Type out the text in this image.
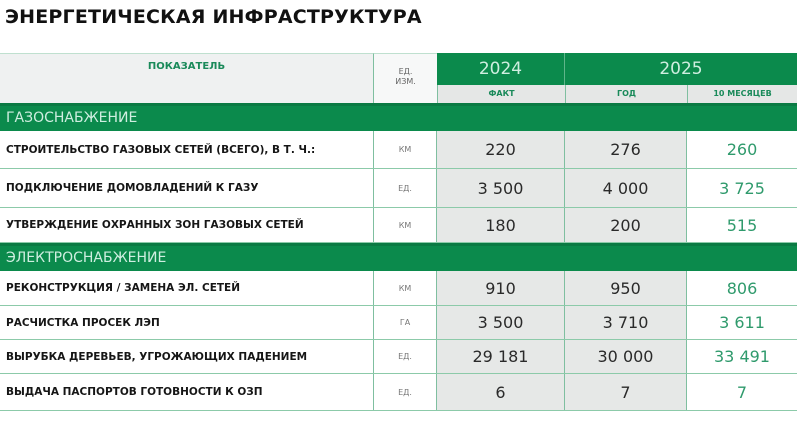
ЭНЕРГЕТИЧЕСКАЯ ИНФРАСТРУКТУРА
ПОКАЗАТЕЛЬ	ЕД.
ИЗМ.
2024	2025
ФАКТ	ГОД	10 МЕСЯЦЕВ
ГАЗОСНАБЖЕНИЕ
СТРОИТЕЛЬСТВО ГАЗОВЫХ СЕТЕЙ (ВСЕГО), В Т. Ч.:	КМ	220	276	260
ПОДКЛЮЧЕНИЕ ДОМОВЛАДЕНИЙ К ГАЗУ	ЕД.	3 500	4 000	3 725
УТВЕРЖДЕНИЕ ОХРАННЫХ ЗОН ГАЗОВЫХ СЕТЕЙ	КМ	180	200	515
ЭЛЕКТРОСНАБЖЕНИЕ
РЕКОНСТРУКЦИЯ / ЗАМЕНА ЭЛ. СЕТЕЙ	КМ	910	950	806
РАСЧИСТКА ПРОСЕК ЛЭП	ГА	3 500	3 710	3 611
ВЫРУБКА ДЕРЕВЬЕВ, УГРОЖАЮЩИХ ПАДЕНИЕМ	ЕД.	29 181	30 000	33 491
ВЫДАЧА ПАСПОРТОВ ГОТОВНОСТИ К ОЗП	ЕД.	6	7	7
